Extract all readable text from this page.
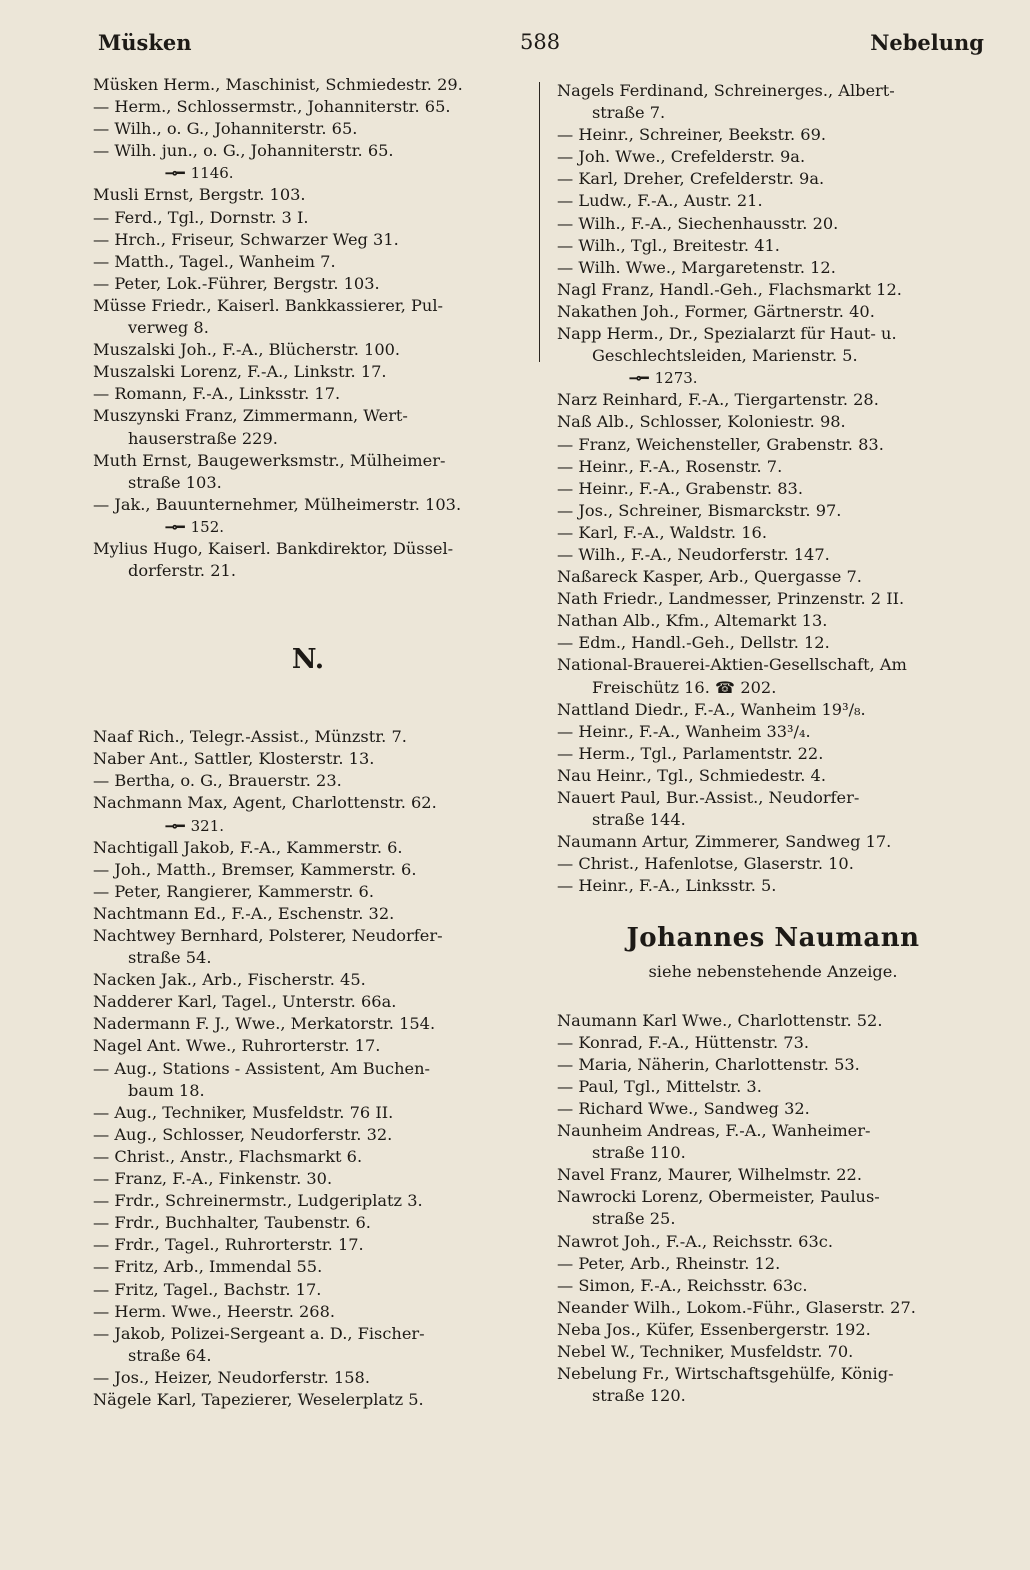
Müsken	588	Nebelung
Müsken Herm., Maschinist, Schmiedestr. 29.
— Herm., Schlossermstr., Johanniterstr. 65.
— Wilh., o. G., Johanniterstr. 65.
— Wilh. jun., o. G., Johanniterstr. 65.
⊸━ 1146.
Musli Ernst, Bergstr. 103.
— Ferd., Tgl., Dornstr. 3 I.
— Hrch., Friseur, Schwarzer Weg 31.
— Matth., Tagel., Wanheim 7.
— Peter, Lok.-Führer, Bergstr. 103.
Müsse Friedr., Kaiserl. Bankkassierer, Pul-
verweg 8.
Muszalski Joh., F.-A., Blücherstr. 100.
Muszalski Lorenz, F.-A., Linkstr. 17.
— Romann, F.-A., Linksstr. 17.
Muszynski Franz, Zimmermann, Wert-
hauserstraße 229.
Muth Ernst, Baugewerksmstr., Mülheimer-
straße 103.
— Jak., Bauunternehmer, Mülheimerstr. 103.
⊸━ 152.
Mylius Hugo, Kaiserl. Bankdirektor, Düssel-
dorferstr. 21.
N.
Naaf Rich., Telegr.-Assist., Münzstr. 7.
Naber Ant., Sattler, Klosterstr. 13.
— Bertha, o. G., Brauerstr. 23.
Nachmann Max, Agent, Charlottenstr. 62.
⊸━ 321.
Nachtigall Jakob, F.-A., Kammerstr. 6.
— Joh., Matth., Bremser, Kammerstr. 6.
— Peter, Rangierer, Kammerstr. 6.
Nachtmann Ed., F.-A., Eschenstr. 32.
Nachtwey Bernhard, Polsterer, Neudorfer-
straße 54.
Nacken Jak., Arb., Fischerstr. 45.
Nadderer Karl, Tagel., Unterstr. 66a.
Nadermann F. J., Wwe., Merkatorstr. 154.
Nagel Ant. Wwe., Ruhrorterstr. 17.
— Aug., Stations - Assistent, Am Buchen-
baum 18.
— Aug., Techniker, Musfeldstr. 76 II.
— Aug., Schlosser, Neudorferstr. 32.
— Christ., Anstr., Flachsmarkt 6.
— Franz, F.-A., Finkenstr. 30.
— Frdr., Schreinermstr., Ludgeriplatz 3.
— Frdr., Buchhalter, Taubenstr. 6.
— Frdr., Tagel., Ruhrorterstr. 17.
— Fritz, Arb., Immendal 55.
— Fritz, Tagel., Bachstr. 17.
— Herm. Wwe., Heerstr. 268.
— Jakob, Polizei-Sergeant a. D., Fischer-
straße 64.
— Jos., Heizer, Neudorferstr. 158.
Nägele Karl, Tapezierer, Weselerplatz 5.
Nagels Ferdinand, Schreinerges., Albert-
straße 7.
— Heinr., Schreiner, Beekstr. 69.
— Joh. Wwe., Crefelderstr. 9a.
— Karl, Dreher, Crefelderstr. 9a.
— Ludw., F.-A., Austr. 21.
— Wilh., F.-A., Siechenhausstr. 20.
— Wilh., Tgl., Breitestr. 41.
— Wilh. Wwe., Margaretenstr. 12.
Nagl Franz, Handl.-Geh., Flachsmarkt 12.
Nakathen Joh., Former, Gärtnerstr. 40.
Napp Herm., Dr., Spezialarzt für Haut- u.
Geschlechtsleiden, Marienstr. 5.
⊸━ 1273.
Narz Reinhard, F.-A., Tiergartenstr. 28.
Naß Alb., Schlosser, Koloniestr. 98.
— Franz, Weichensteller, Grabenstr. 83.
— Heinr., F.-A., Rosenstr. 7.
— Heinr., F.-A., Grabenstr. 83.
— Jos., Schreiner, Bismarckstr. 97.
— Karl, F.-A., Waldstr. 16.
— Wilh., F.-A., Neudorferstr. 147.
Naßareck Kasper, Arb., Quergasse 7.
Nath Friedr., Landmesser, Prinzenstr. 2 II.
Nathan Alb., Kfm., Altemarkt 13.
— Edm., Handl.-Geh., Dellstr. 12.
National-Brauerei-Aktien-Gesellschaft, Am
Freischütz 16. ☎ 202.
Nattland Diedr., F.-A., Wanheim 19³/₈.
— Heinr., F.-A., Wanheim 33³/₄.
— Herm., Tgl., Parlamentstr. 22.
Nau Heinr., Tgl., Schmiedestr. 4.
Nauert Paul, Bur.-Assist., Neudorfer-
straße 144.
Naumann Artur, Zimmerer, Sandweg 17.
— Christ., Hafenlotse, Glaserstr. 10.
— Heinr., F.-A., Linksstr. 5.
Johannes Naumann
siehe nebenstehende Anzeige.
Naumann Karl Wwe., Charlottenstr. 52.
— Konrad, F.-A., Hüttenstr. 73.
— Maria, Näherin, Charlottenstr. 53.
— Paul, Tgl., Mittelstr. 3.
— Richard Wwe., Sandweg 32.
Naunheim Andreas, F.-A., Wanheimer-
straße 110.
Navel Franz, Maurer, Wilhelmstr. 22.
Nawrocki Lorenz, Obermeister, Paulus-
straße 25.
Nawrot Joh., F.-A., Reichsstr. 63c.
— Peter, Arb., Rheinstr. 12.
— Simon, F.-A., Reichsstr. 63c.
Neander Wilh., Lokom.-Führ., Glaserstr. 27.
Neba Jos., Küfer, Essenbergerstr. 192.
Nebel W., Techniker, Musfeldstr. 70.
Nebelung Fr., Wirtschaftsgehülfe, König-
straße 120.
